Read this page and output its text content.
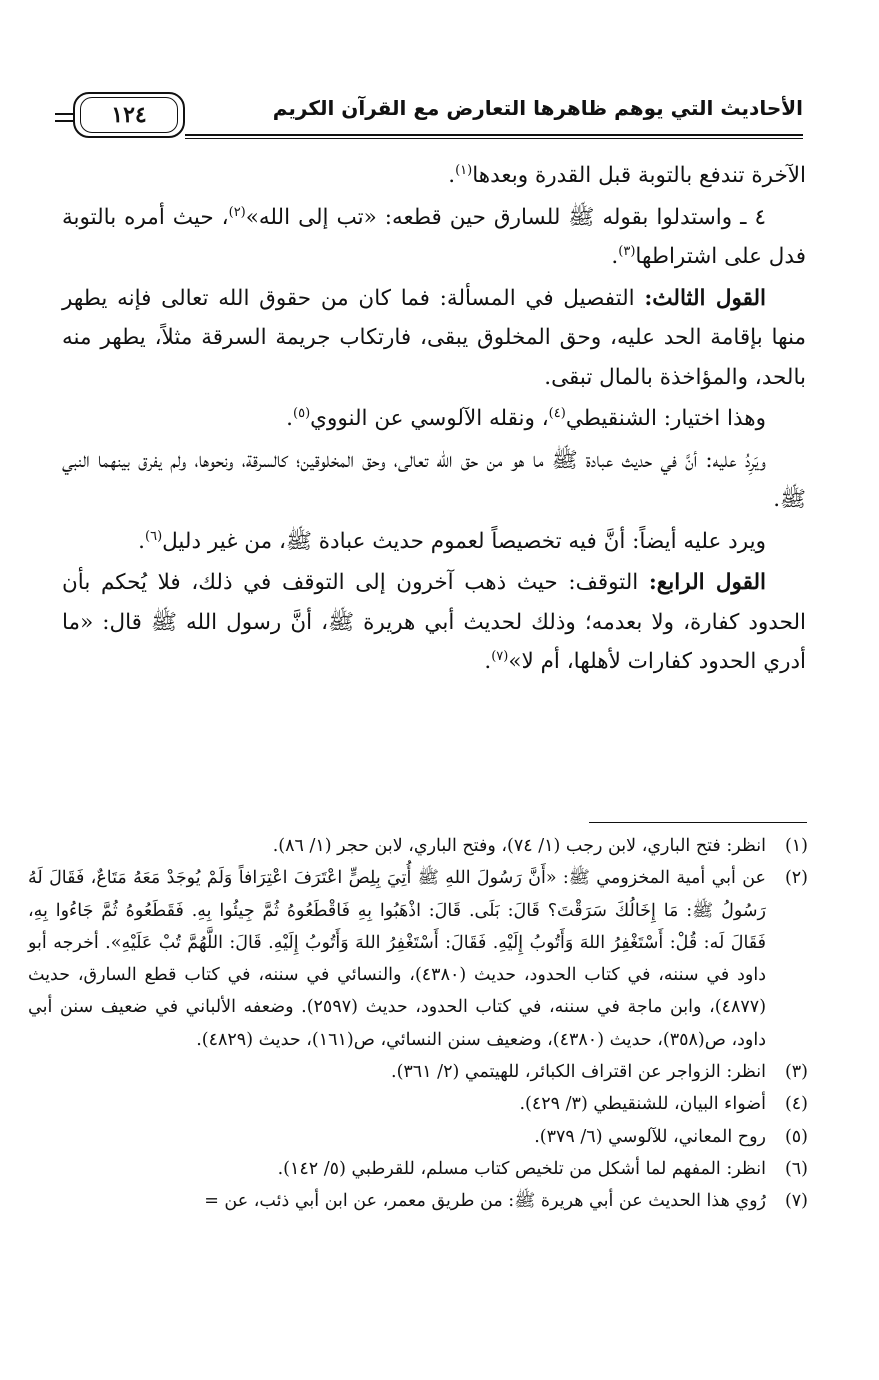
الأحاديث التي يوهم ظاهرها التعارض مع القرآن الكريم
١٢٤

الآخرة تندفع بالتوبة قبل القدرة وبعدها$^{(١)}$.

٤ ـ واستدلوا بقوله ﷺ للسارق حين قطعه: «تب إلى الله»$^{(٢)}$، حيث أمره بالتوبة فدل على اشتراطها$^{(٣)}$.

القول الثالث: التفصيل في المسألة: فما كان من حقوق الله تعالى فإنه يطهر منها بإقامة الحد عليه، وحق المخلوق يبقى، فارتكاب جريمة السرقة مثلاً، يطهر منه بالحد، والمؤاخذة بالمال تبقى.

وهذا اختيار: الشنقيطي$^{(٤)}$، ونقله الآلوسي عن النووي$^{(٥)}$.

ويَرِدُ عليه: أنَّ في حديث عبادة ﷺ ما هو من حق الله تعالى، وحق المخلوقين؛ كالسرقة، ونحوها، ولم يفرق بينهما النبي ﷺ.

ويرد عليه أيضاً: أنَّ فيه تخصيصاً لعموم حديث عبادة ﷺ، من غير دليل$^{(٦)}$.

القول الرابع: التوقف: حيث ذهب آخرون إلى التوقف في ذلك، فلا يُحكم بأن الحدود كفارة، ولا بعدمه؛ وذلك لحديث أبي هريرة ﷺ، أنَّ رسول الله ﷺ قال: «ما أدري الحدود كفارات لأهلها، أم لا»$^{(٧)}$.

(١)
انظر: فتح الباري، لابن رجب (١/ ٧٤)، وفتح الباري، لابن حجر (١/ ٨٦).
(٢)
عن أبي أمية المخزومي ﷺ: «أَنَّ رَسُولَ اللهِ ﷺ أُتِيَ بِلِصٍّ اعْتَرَفَ اعْتِرَافاً وَلَمْ يُوجَدْ مَعَهُ مَتَاعٌ، فَقَالَ لَهُ رَسُولُ ﷺ: مَا إِخَالُكَ سَرَقْتَ؟ قَالَ: بَلَى. قَالَ: اذْهَبُوا بِهِ فَاقْطَعُوهُ ثُمَّ جِيئُوا بِهِ. فَقَطَعُوهُ ثُمَّ جَاءُوا بِهِ، فَقَالَ لَه: قُلْ: أَسْتَغْفِرُ اللهَ وَأَتُوبُ إِلَيْهِ. فَقَالَ: أَسْتَغْفِرُ اللهَ وَأَتُوبُ إِلَيْهِ. قَالَ: اللَّهُمَّ تُبْ عَلَيْهِ». أخرجه أبو داود في سننه، في كتاب الحدود، حديث (٤٣٨٠)، والنسائي في سننه، في كتاب قطع السارق، حديث (٤٨٧٧)، وابن ماجة في سننه، في كتاب الحدود، حديث (٢٥٩٧). وضعفه الألباني في ضعيف سنن أبي داود، ص(٣٥٨)، حديث (٤٣٨٠)، وضعيف سنن النسائي، ص(١٦١)، حديث (٤٨٢٩).
(٣)
انظر: الزواجر عن اقتراف الكبائر، للهيتمي (٢/ ٣٦١).
(٤)
أضواء البيان، للشنقيطي (٣/ ٤٢٩).
(٥)
روح المعاني، للآلوسي (٦/ ٣٧٩).
(٦)
انظر: المفهم لما أشكل من تلخيص كتاب مسلم، للقرطبي (٥/ ١٤٢).
(٧)
رُوي هذا الحديث عن أبي هريرة ﷺ: من طريق معمر، عن ابن أبي ذئب، عن =
